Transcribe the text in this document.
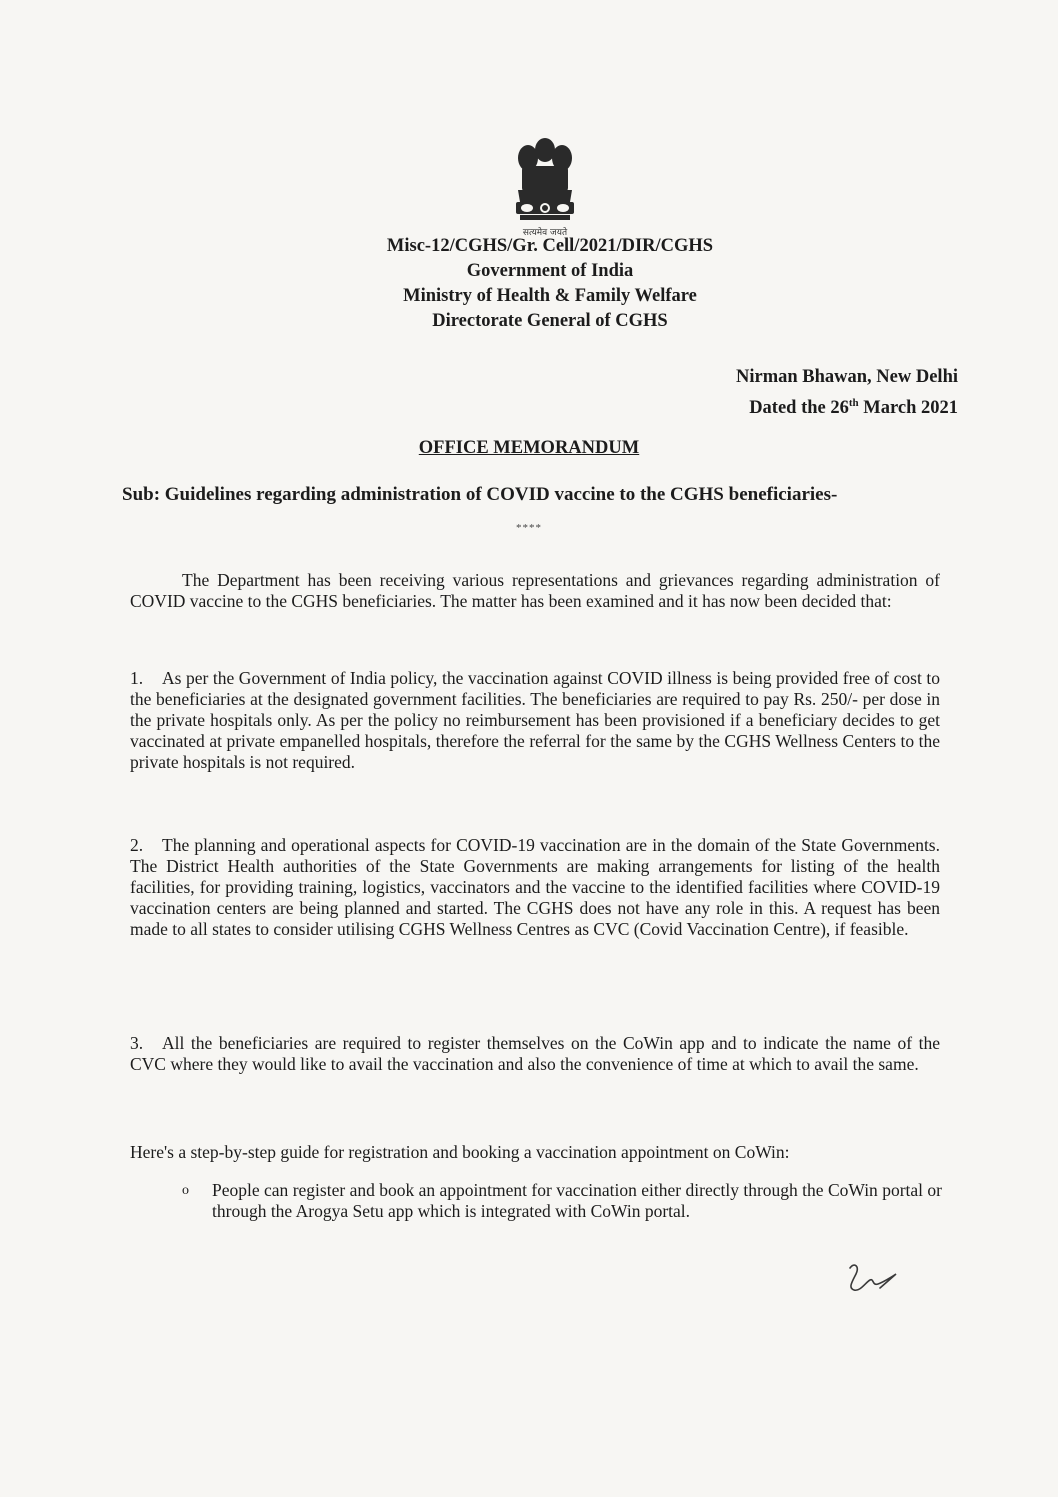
सत्यमेव जयते
Misc-12/CGHS/Gr. Cell/2021/DIR/CGHS
Government of India
Ministry of Health & Family Welfare
Directorate General of CGHS
Nirman Bhawan, New Delhi
Dated the 26th March 2021
OFFICE MEMORANDUM
Sub: Guidelines regarding administration of COVID vaccine to the CGHS beneficiaries-
****
The Department has been receiving various representations and grievances regarding administration of COVID vaccine to the CGHS beneficiaries. The matter has been examined and it has now been decided that:
1. As per the Government of India policy, the vaccination against COVID illness is being provided free of cost to the beneficiaries at the designated government facilities. The beneficiaries are required to pay Rs. 250/- per dose in the private hospitals only. As per the policy no reimbursement has been provisioned if a beneficiary decides to get vaccinated at private empanelled hospitals, therefore the referral for the same by the CGHS Wellness Centers to the private hospitals is not required.
2. The planning and operational aspects for COVID-19 vaccination are in the domain of the State Governments. The District Health authorities of the State Governments are making arrangements for listing of the health facilities, for providing training, logistics, vaccinators and the vaccine to the identified facilities where COVID-19 vaccination centers are being planned and started. The CGHS does not have any role in this. A request has been made to all states to consider utilising CGHS Wellness Centres as CVC (Covid Vaccination Centre), if feasible.
3. All the beneficiaries are required to register themselves on the CoWin app and to indicate the name of the CVC where they would like to avail the vaccination and also the convenience of time at which to avail the same.
Here's a step-by-step guide for registration and booking a vaccination appointment on CoWin:
o People can register and book an appointment for vaccination either directly through the CoWin portal or through the Arogya Setu app which is integrated with CoWin portal.
